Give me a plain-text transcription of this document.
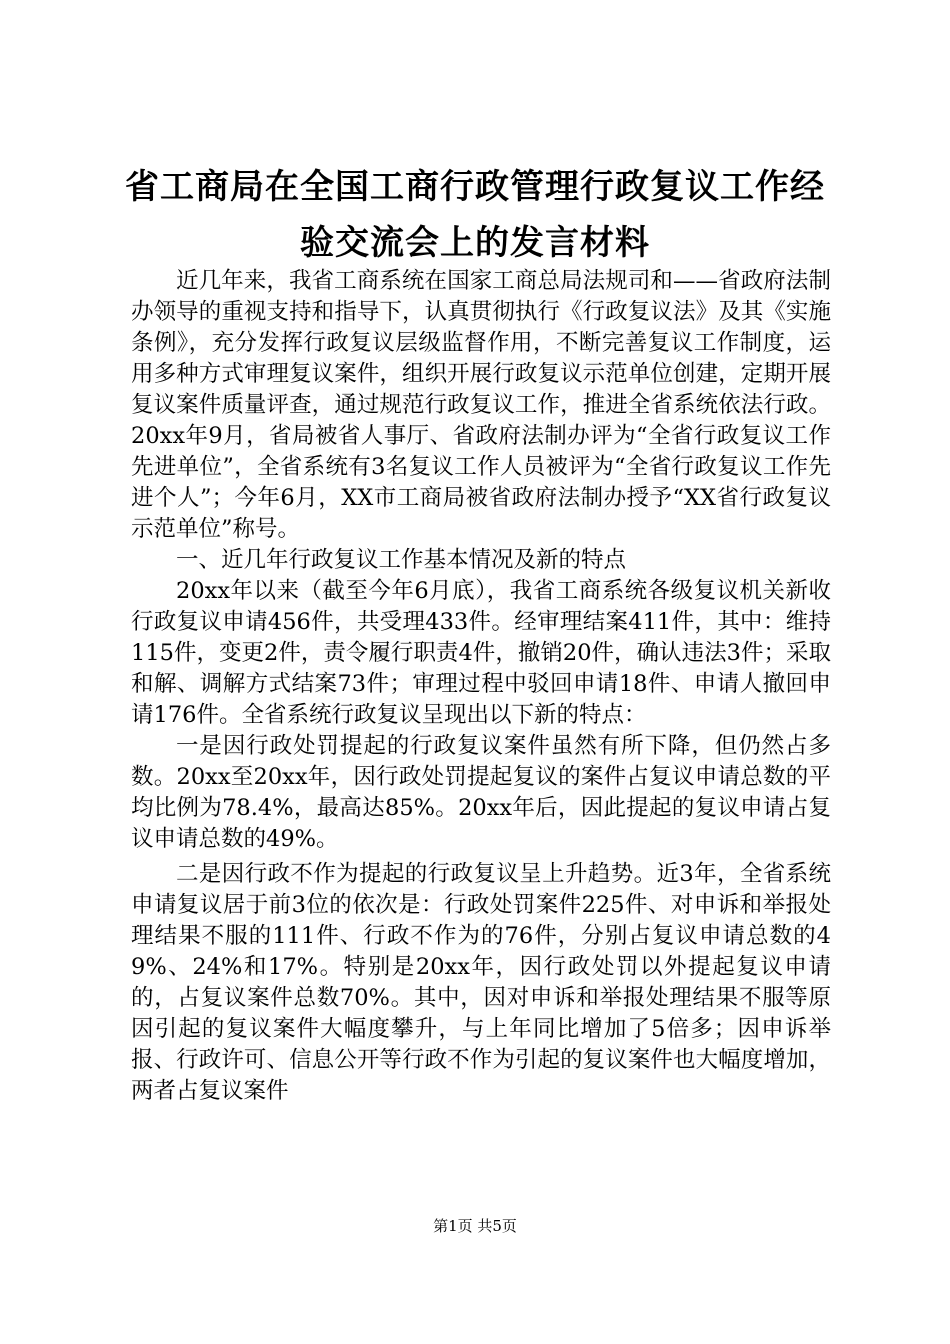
省工商局在全国工商行政管理行政复议工作经
验交流会上的发言材料

近几年来，我省工商系统在国家工商总局法规司和——省政府法制办领导的重视支持和指导下，认真贯彻执行《行政复议法》及其《实施条例》，充分发挥行政复议层级监督作用，不断完善复议工作制度，运用多种方式审理复议案件，组织开展行政复议示范单位创建，定期开展复议案件质量评查，通过规范行政复议工作，推进全省系统依法行政。20xx年9月，省局被省人事厅、省政府法制办评为“全省行政复议工作先进单位”，全省系统有3名复议工作人员被评为“全省行政复议工作先进个人”；今年6月，XX市工商局被省政府法制办授予“XX省行政复议示范单位”称号。

一、近几年行政复议工作基本情况及新的特点

20xx年以来（截至今年6月底），我省工商系统各级复议机关新收行政复议申请456件，共受理433件。经审理结案411件，其中：维持115件，变更2件，责令履行职责4件，撤销20件，确认违法3件；采取和解、调解方式结案73件；审理过程中驳回申请18件、申请人撤回申请176件。全省系统行政复议呈现出以下新的特点：

一是因行政处罚提起的行政复议案件虽然有所下降，但仍然占多数。20xx至20xx年，因行政处罚提起复议的案件占复议申请总数的平均比例为78.4%，最高达85%。20xx年后，因此提起的复议申请占复议申请总数的49%。

二是因行政不作为提起的行政复议呈上升趋势。近3年，全省系统申请复议居于前3位的依次是：行政处罚案件225件、对申诉和举报处理结果不服的111件、行政不作为的76件，分别占复议申请总数的49%、24%和17%。特别是20xx年，因行政处罚以外提起复议申请的，占复议案件总数70%。其中，因对申诉和举报处理结果不服等原因引起的复议案件大幅度攀升，与上年同比增加了5倍多；因申诉举报、行政许可、信息公开等行政不作为引起的复议案件也大幅度增加，两者占复议案件

第1页 共5页
